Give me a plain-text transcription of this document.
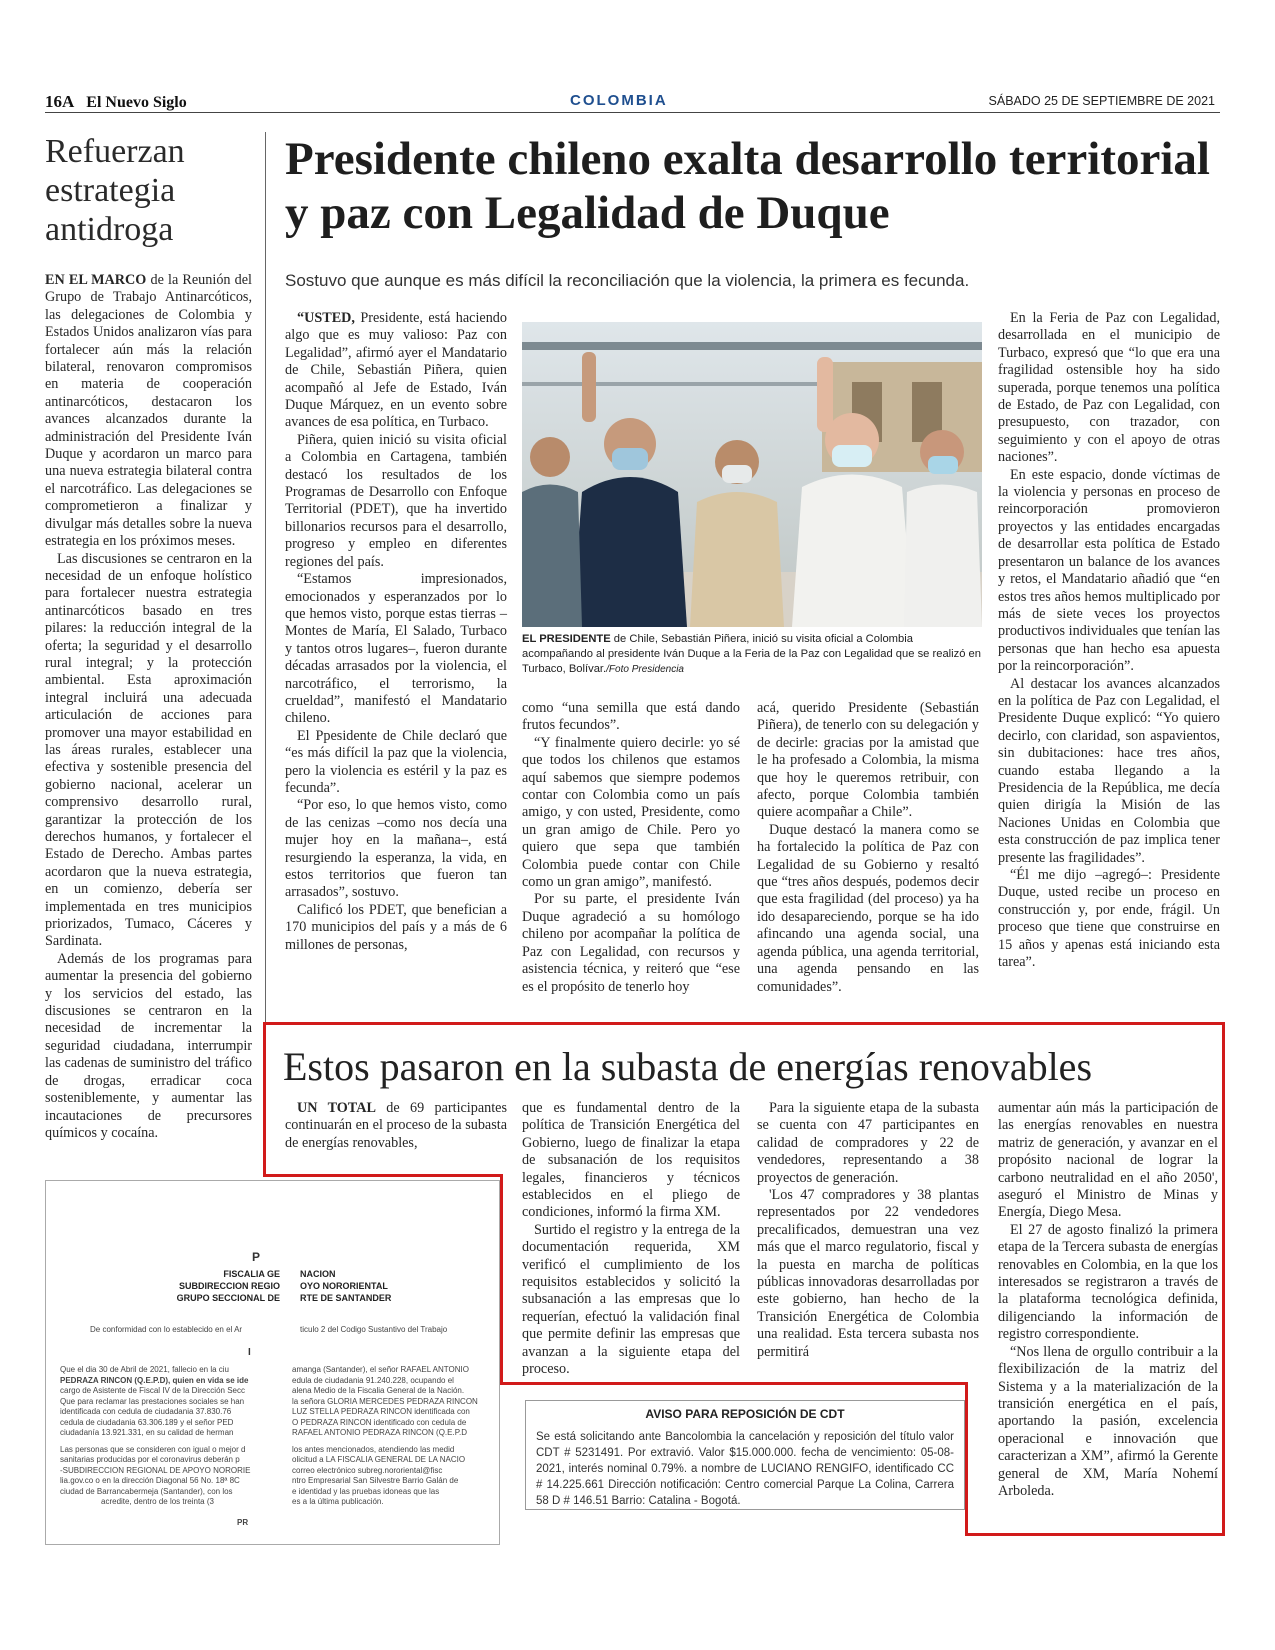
16A El Nuevo Siglo	COLOMBIA	SÁBADO 25 DE SEPTIEMBRE DE 2021
Refuerzan estrategia antidroga

EN EL MARCO de la Reunión del Grupo de Trabajo Antinarcóticos, las delegaciones de Colombia y Estados Unidos analizaron vías para fortalecer aún más la relación bilateral, renovaron compromisos en materia de cooperación antinarcóticos, destacaron los avances alcanzados durante la administración del Presidente Iván Duque y acordaron un marco para una nueva estrategia bilateral contra el narcotráfico. Las delegaciones se comprometieron a finalizar y divulgar más detalles sobre la nueva estrategia en los próximos meses.

Las discusiones se centraron en la necesidad de un enfoque holístico para fortalecer nuestra estrategia antinarcóticos basado en tres pilares: la reducción integral de la oferta; la seguridad y el desarrollo rural integral; y la protección ambiental. Esta aproximación integral incluirá una adecuada articulación de acciones para promover una mayor estabilidad en las áreas rurales, establecer una efectiva y sostenible presencia del gobierno nacional, acelerar un comprensivo desarrollo rural, garantizar la protección de los derechos humanos, y fortalecer el Estado de Derecho. Ambas partes acordaron que la nueva estrategia, en un comienzo, debería ser implementada en tres municipios priorizados, Tumaco, Cáceres y Sardinata.

Además de los programas para aumentar la presencia del gobierno y los servicios del estado, las discusiones se centraron en la necesidad de incrementar la seguridad ciudadana, interrumpir las cadenas de suministro del tráfico de drogas, erradicar coca sosteniblemente, y aumentar las incautaciones de precursores químicos y cocaína.

Presidente chileno exalta desarrollo territorial y paz con Legalidad de Duque
Sostuvo que aunque es más difícil la reconciliación que la violencia, la primera es fecunda.

“USTED, Presidente, está haciendo algo que es muy valioso: Paz con Legalidad”, afirmó ayer el Mandatario de Chile, Sebastián Piñera, quien acompañó al Jefe de Estado, Iván Duque Márquez, en un evento sobre avances de esa política, en Turbaco.

Piñera, quien inició su visita oficial a Colombia en Cartagena, también destacó los resultados de los Programas de Desarrollo con Enfoque Territorial (PDET), que ha invertido billonarios recursos para el desarrollo, progreso y empleo en diferentes regiones del país.

“Estamos impresionados, emocionados y esperanzados por lo que hemos visto, porque estas tierras –Montes de María, El Salado, Turbaco y tantos otros lugares–, fueron durante décadas arrasados por la violencia, el narcotráfico, el terrorismo, la crueldad”, manifestó el Mandatario chileno.

El Ppesidente de Chile declaró que “es más difícil la paz que la violencia, pero la violencia es estéril y la paz es fecunda”.

“Por eso, lo que hemos visto, como de las cenizas –como nos decía una mujer hoy en la mañana–, está resurgiendo la esperanza, la vida, en estos territorios que fueron tan arrasados”, sostuvo.

Calificó los PDET, que benefician a 170 municipios del país y a más de 6 millones de personas,

EL PRESIDENTE de Chile, Sebastián Piñera, inició su visita oficial a Colombia acompañando al presidente Iván Duque a la Feria de la Paz con Legalidad que se realizó en Turbaco, Bolívar./Foto Presidencia

como “una semilla que está dando frutos fecundos”.

“Y finalmente quiero decirle: yo sé que todos los chilenos que estamos aquí sabemos que siempre podemos contar con Colombia como un país amigo, y con usted, Presidente, como un gran amigo de Chile. Pero yo quiero que sepa que también Colombia puede contar con Chile como un gran amigo”, manifestó.

Por su parte, el presidente Iván Duque agradeció a su homólogo chileno por acompañar la política de Paz con Legalidad, con recursos y asistencia técnica, y reiteró que “ese es el propósito de tenerlo hoy

acá, querido Presidente (Sebastián Piñera), de tenerlo con su delegación y de decirle: gracias por la amistad que le ha profesado a Colombia, la misma que hoy le queremos retribuir, con afecto, porque Colombia también quiere acompañar a Chile”.

Duque destacó la manera como se ha fortalecido la política de Paz con Legalidad de su Gobierno y resaltó que “tres años después, podemos decir que esta fragilidad (del proceso) ya ha ido desapareciendo, porque se ha ido afincando una agenda social, una agenda pública, una agenda territorial, una agenda pensando en las comunidades”.

En la Feria de Paz con Legalidad, desarrollada en el municipio de Turbaco, expresó que “lo que era una fragilidad ostensible hoy ha sido superada, porque tenemos una política de Estado, de Paz con Legalidad, con presupuesto, con trazador, con seguimiento y con el apoyo de otras naciones”.

En este espacio, donde víctimas de la violencia y personas en proceso de reincorporación promovieron proyectos y las entidades encargadas de desarrollar esta política de Estado presentaron un balance de los avances y retos, el Mandatario añadió que “en estos tres años hemos multiplicado por más de siete veces los proyectos productivos individuales que tenían las personas que han hecho esa apuesta por la reincorporación”.

Al destacar los avances alcanzados en la política de Paz con Legalidad, el Presidente Duque explicó: “Yo quiero decirlo, con claridad, son aspavientos, sin dubitaciones: hace tres años, cuando estaba llegando a la Presidencia de la República, me decía quien dirigía la Misión de las Naciones Unidas en Colombia que esta construcción de paz implica tener presente las fragilidades”.

“Él me dijo –agregó–: Presidente Duque, usted recibe un proceso en construcción y, por ende, frágil. Un proceso que tiene que construirse en 15 años y apenas está iniciando esta tarea”.

Estos pasaron en la subasta de energías renovables

UN TOTAL de 69 participantes continuarán en el proceso de la subasta de energías renovables,

que es fundamental dentro de la política de Transición Energética del Gobierno, luego de finalizar la etapa de subsanación de los requisitos legales, financieros y técnicos establecidos en el pliego de condiciones, informó la firma XM.

Surtido el registro y la entrega de la documentación requerida, XM verificó el cumplimiento de los requisitos establecidos y solicitó la subsanación a las empresas que lo requerían, efectuó la validación final que permite definir las empresas que avanzan a la siguiente etapa del proceso.

Para la siguiente etapa de la subasta se cuenta con 47 participantes en calidad de compradores y 22 de vendedores, representando a 38 proyectos de generación.

'Los 47 compradores y 38 plantas representados por 22 vendedores precalificados, demuestran una vez más que el marco regulatorio, fiscal y la puesta en marcha de políticas públicas innovadoras desarrolladas por este gobierno, han hecho de la Transición Energética de Colombia una realidad. Esta tercera subasta nos permitirá

aumentar aún más la participación de las energías renovables en nuestra matriz de generación, y avanzar en el propósito nacional de lograr la carbono neutralidad en el año 2050', aseguró el Ministro de Minas y Energía, Diego Mesa.

El 27 de agosto finalizó la primera etapa de la Tercera subasta de energías renovables en Colombia, en la que los interesados se registraron a través de la plataforma tecnológica definida, diligenciando la información de registro correspondiente.

“Nos llena de orgullo contribuir a la flexibilización de la matriz del Sistema y a la materialización de la transición energética en el país, aportando la pasión, excelencia operacional e innovación que caracterizan a XM”, afirmó la Gerente general de XM, María Nohemí Arboleda.

P
FISCALIA GE
SUBDIRECCION REGIO
GRUPO SECCIONAL DE
NACION
OYO NORORIENTAL
RTE DE SANTANDER
De conformidad con lo establecido en el Ar	ticulo 2 del Codigo Sustantivo del Trabajo
I
Que el dia 30 de Abril de 2021, fallecio en la ciu
PEDRAZA RINCON (Q.E.P.D), quien en vida se ide
cargo de Asistente de Fiscal IV de la Dirección Secc
Que para reclamar las prestaciones sociales se han
identificada con cedula de ciudadania 37.830.76
cedula de ciudadania 63.306.189 y el señor PED
ciudadanía 13.921.331, en su calidad de herman
Las personas que se consideren con igual o mejor d
sanitarias producidas por el coronavirus deberán p
-SUBDIRECCION REGIONAL DE APOYO NORORIE
lia.gov.co o en la dirección Diagonal 56 No. 18ª 8C
ciudad de Barrancabermeja (Santander), con los
acredite, dentro de los treinta (3
amanga (Santander), el señor RAFAEL ANTONIO
edula de ciudadania 91.240.228, ocupando el
alena Medio de la Fiscalia General de la Nación.
la señora GLORIA MERCEDES PEDRAZA RINCON
LUZ STELLA PEDRAZA RINCON identificada con
O PEDRAZA RINCON identificado con cedula de
RAFAEL ANTONIO PEDRAZA RINCON (Q.E.P.D
los antes mencionados, atendiendo las medid
olicitud a LA FISCALIA GENERAL DE LA NACIO
correo electrónico subreg.nororiental@fisc
ntro Empresarial San Silvestre Barrio Galán de
e identidad y las pruebas idoneas que las
es a la última publicación.
PR
AVISO PARA REPOSICIÓN DE CDT
Se está solicitando ante Bancolombia la cancelación y reposición del título valor CDT # 5231491. Por extravió. Valor $15.000.000. fecha de vencimiento: 05-08-2021, interés nominal 0.79%. a nombre de LUCIANO RENGIFO, identificado CC # 14.225.661 Dirección notificación: Centro comercial Parque La Colina, Carrera 58 D # 146.51 Barrio: Catalina - Bogotá.
